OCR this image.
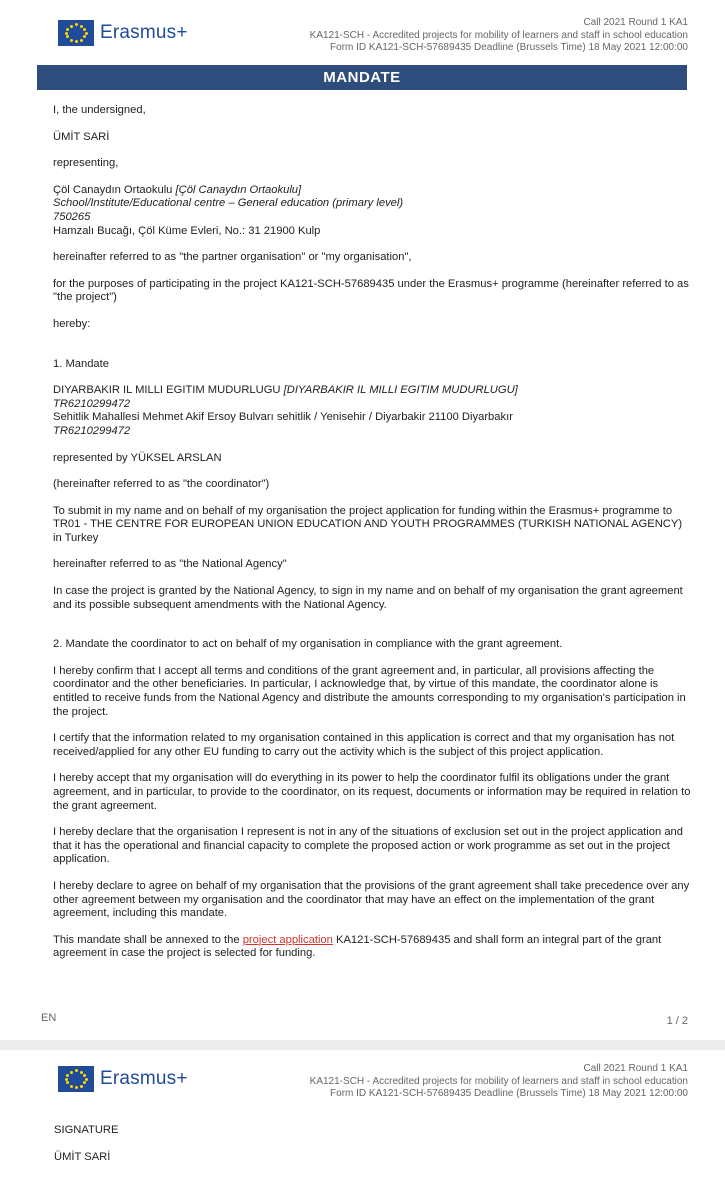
Erasmus+	Call 2021 Round 1 KA1
KA121-SCH - Accredited projects for mobility of learners and staff in school education
Form ID KA121-SCH-57689435 Deadline (Brussels Time) 18 May 2021 12:00:00
MANDATE

I, the undersigned,

ÜMİT SARİ

representing,

Çöl Canaydın Ortaokulu [Çöl Canaydın Ortaokulu]
School/Institute/Educational centre – General education (primary level)
750265
Hamzalı Bucağı, Çöl Küme Evleri, No.: 31 21900 Kulp

hereinafter referred to as "the partner organisation" or "my organisation",

for the purposes of participating in the project KA121-SCH-57689435 under the Erasmus+ programme (hereinafter referred to as "the project")

hereby:

1. Mandate

DIYARBAKIR IL MILLI EGITIM MUDURLUGU [DIYARBAKIR IL MILLI EGITIM MUDURLUGU]
TR6210299472
Sehitlik Mahallesi Mehmet Akif Ersoy Bulvarı sehitlik / Yenisehir / Diyarbakir 21100 Diyarbakır
TR6210299472

represented by YÜKSEL ARSLAN

(hereinafter referred to as "the coordinator")

To submit in my name and on behalf of my organisation the project application for funding within the Erasmus+ programme to TR01 - THE CENTRE FOR EUROPEAN UNION EDUCATION AND YOUTH PROGRAMMES (TURKISH NATIONAL AGENCY) in Turkey

hereinafter referred to as "the National Agency"

In case the project is granted by the National Agency, to sign in my name and on behalf of my organisation the grant agreement and its possible subsequent amendments with the National Agency.

2. Mandate the coordinator to act on behalf of my organisation in compliance with the grant agreement.

I hereby confirm that I accept all terms and conditions of the grant agreement and, in particular, all provisions affecting the coordinator and the other beneficiaries. In particular, I acknowledge that, by virtue of this mandate, the coordinator alone is entitled to receive funds from the National Agency and distribute the amounts corresponding to my organisation's participation in the project.

I certify that the information related to my organisation contained in this application is correct and that my organisation has not received/applied for any other EU funding to carry out the activity which is the subject of this project application.

I hereby accept that my organisation will do everything in its power to help the coordinator fulfil its obligations under the grant agreement, and in particular, to provide to the coordinator, on its request, documents or information may be required in relation to the grant agreement.

I hereby declare that the organisation I represent is not in any of the situations of exclusion set out in the project application and that it has the operational and financial capacity to complete the proposed action or work programme as set out in the project application.

I hereby declare to agree on behalf of my organisation that the provisions of the grant agreement shall take precedence over any other agreement between my organisation and the coordinator that may have an effect on the implementation of the grant agreement, including this mandate.

This mandate shall be annexed to the project application KA121-SCH-57689435 and shall form an integral part of the grant agreement in case the project is selected for funding.

EN	1 / 2
Erasmus+	Call 2021 Round 1 KA1
KA121-SCH - Accredited projects for mobility of learners and staff in school education
Form ID KA121-SCH-57689435 Deadline (Brussels Time) 18 May 2021 12:00:00

SIGNATURE

ÜMİT SARİ
